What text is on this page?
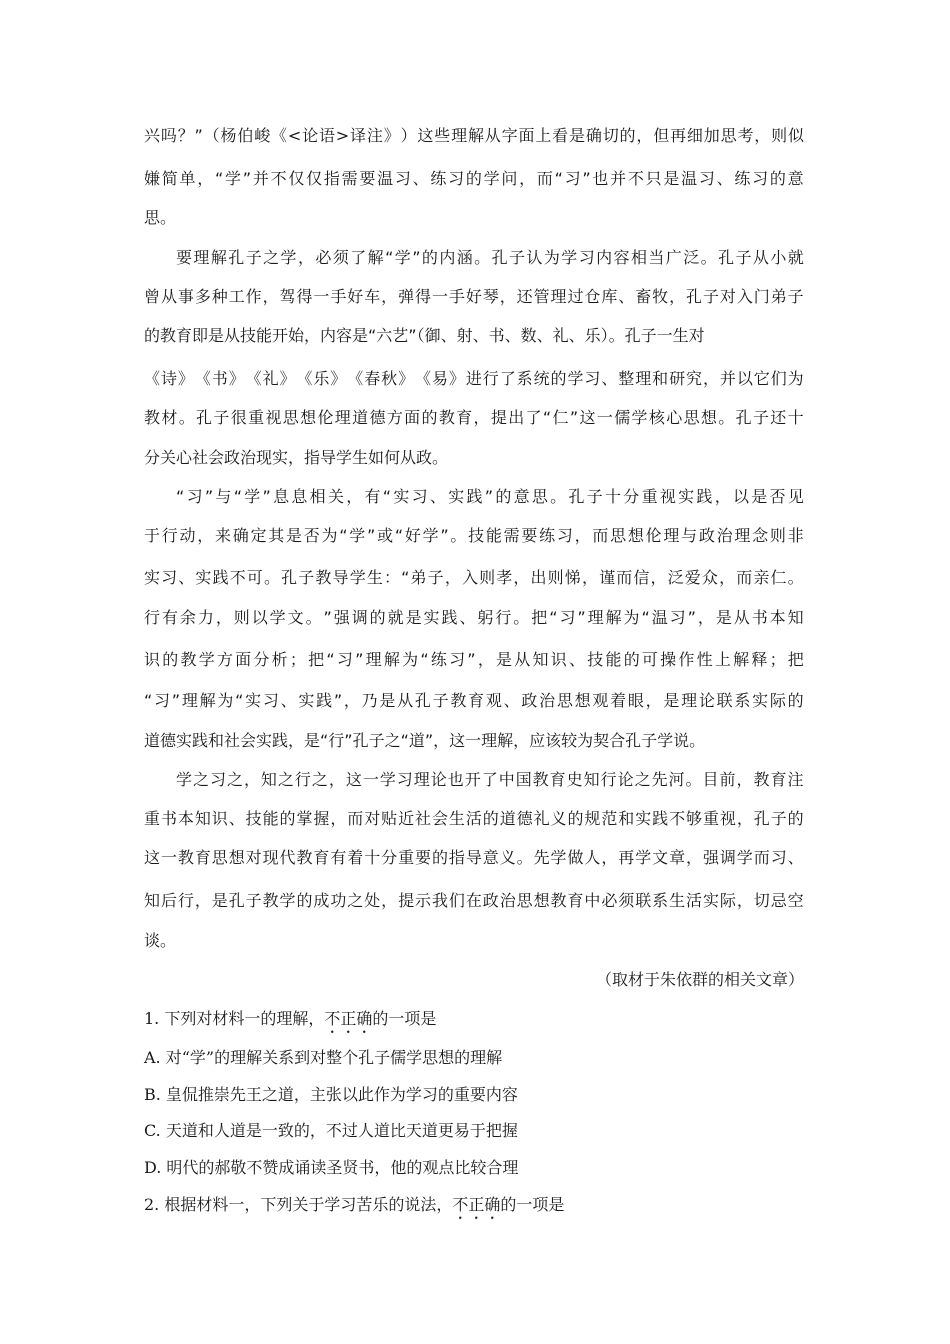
兴 吗 ？ ” （ 杨 伯 峻 《 < 论 语 > 译 注 》 ） 这 些 理 解 从 字 面 上 看 是 确 切 的 ， 但 再 细 加 思 考 ， 则 似
嫌 简 单 ， “ 学 ” 并 不 仅 仅 指 需 要 温 习 、 练 习 的 学 问 ， 而 “ 习 ” 也 并 不 只 是 温 习 、 练 习 的 意
思。
要 理 解 孔 子 之 学 ， 必 须 了 解 “ 学 ” 的 内 涵 。 孔 子 认 为 学 习 内 容 相 当 广 泛 。 孔 子 从 小 就
曾 从 事 多 种 工 作 ， 驾 得 一 手 好 车 ， 弹 得 一 手 好 琴 ， 还 管 理 过 仓 库 、 畜 牧 ， 孔 子 对 入 门 弟 子
的教育即是从技能开始，内容是“六艺”（御、射、书、数、礼、乐）。孔子一生对
《 诗 》 《 书 》 《 礼 》 《 乐 》 《 春 秋 》 《 易 》 进 行 了 系 统 的 学 习 、 整 理 和 研 究 ， 并 以 它 们 为
教 材 。 孔 子 很 重 视 思 想 伦 理 道 德 方 面 的 教 育 ， 提 出 了 “ 仁 ” 这 一 儒 学 核 心 思 想 。 孔 子 还 十
分关心社会政治现实，指导学生如何从政。
“ 习 ” 与 “ 学 ” 息 息 相 关 ， 有 “ 实 习 、 实 践 ” 的 意 思 。 孔 子 十 分 重 视 实 践 ， 以 是 否 见
于 行 动 ， 来 确 定 其 是 否 为 “ 学 ” 或 “ 好 学 ” 。 技 能 需 要 练 习 ， 而 思 想 伦 理 与 政 治 理 念 则 非
实 习 、 实 践 不 可 。 孔 子 教 导 学 生 ： “ 弟 子 ， 入 则 孝 ， 出 则 悌 ， 谨 而 信 ， 泛 爱 众 ， 而 亲 仁 。
行 有 余 力 ， 则 以 学 文 。 ” 强 调 的 就 是 实 践 、 躬 行 。 把 “ 习 ” 理 解 为 “ 温 习 ” ， 是 从 书 本 知
识 的 教 学 方 面 分 析 ； 把 “ 习 ” 理 解 为 “ 练 习 ” ， 是 从 知 识 、 技 能 的 可 操 作 性 上 解 释 ； 把
“ 习 ” 理 解 为 “ 实 习 、 实 践 ” ， 乃 是 从 孔 子 教 育 观 、 政 治 思 想 观 着 眼 ， 是 理 论 联 系 实 际 的
道德实践和社会实践，是“行”孔子之“道”，这一理解，应该较为契合孔子学说。
学 之 习 之 ， 知 之 行 之 ， 这 一 学 习 理 论 也 开 了 中 国 教 育 史 知 行 论 之 先 河 。 目 前 ， 教 育 注
重 书 本 知 识 、 技 能 的 掌 握 ， 而 对 贴 近 社 会 生 活 的 道 德 礼 义 的 规 范 和 实 践 不 够 重 视 ， 孔 子 的
这 一 教 育 思 想 对 现 代 教 育 有 着 十 分 重 要 的 指 导 意 义 。 先 学 做 人 ， 再 学 文 章 ， 强 调 学 而 习 、
知 后 行 ， 是 孔 子 教 学 的 成 功 之 处 ， 提 示 我 们 在 政 治 思 想 教 育 中 必 须 联 系 生 活 实 际 ， 切 忌 空
谈。
（取材于朱依群的相关文章）
1. 下列对材料一的理解，不正确的一项是
A. 对“学”的理解关系到对整个孔子儒学思想的理解
B. 皇侃推崇先王之道，主张以此作为学习的重要内容
C. 天道和人道是一致的，不过人道比天道更易于把握
D. 明代的郝敬不赞成诵读圣贤书，他的观点比较合理
2. 根据材料一，下列关于学习苦乐的说法，不正确的一项是
